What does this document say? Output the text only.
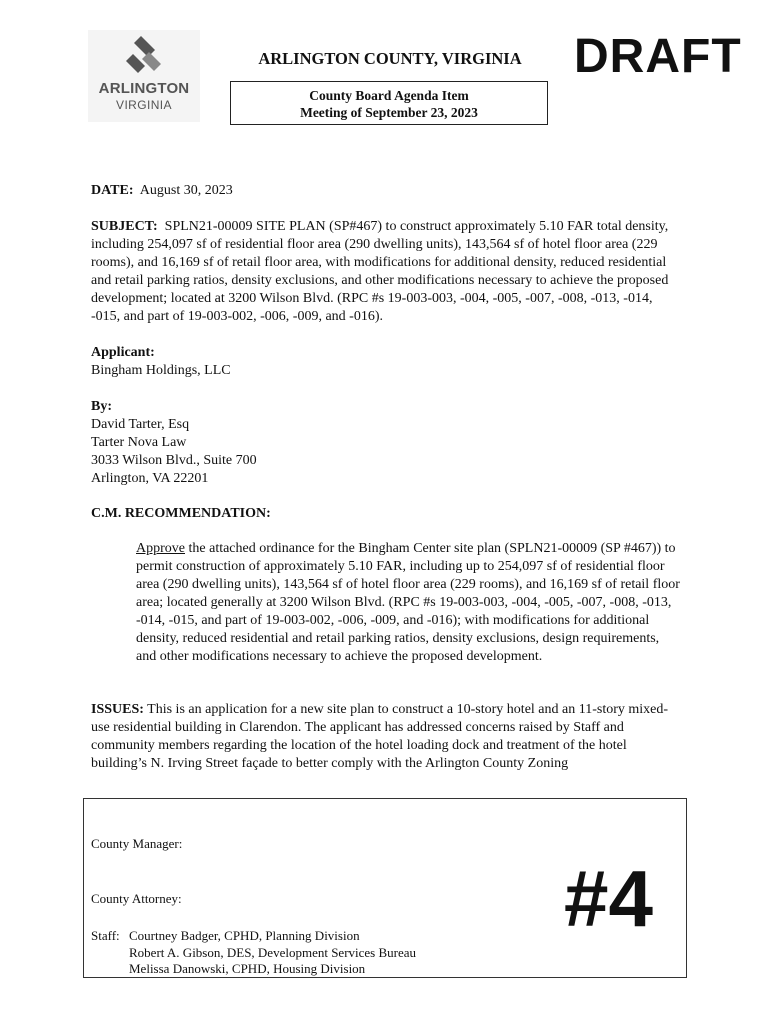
ARLINGTON
VIRGINIA
ARLINGTON COUNTY, VIRGINIA	DRAFT
County Board Agenda Item
Meeting of September 23, 2023
DATE: August 30, 2023
SUBJECT: SPLN21-00009 SITE PLAN (SP#467) to construct approximately 5.10 FAR total density, including 254,097 sf of residential floor area (290 dwelling units), 143,564 sf of hotel floor area (229 rooms), and 16,169 sf of retail floor area, with modifications for additional density, reduced residential and retail parking ratios, density exclusions, and other modifications necessary to achieve the proposed development; located at 3200 Wilson Blvd. (RPC #s 19-003-003, -004, -005, -007, -008, -013, -014, -015, and part of 19-003-002, -006, -009, and -016).
Applicant:
Bingham Holdings, LLC
By:
David Tarter, Esq
Tarter Nova Law
3033 Wilson Blvd., Suite 700
Arlington, VA 22201
C.M. RECOMMENDATION:
Approve the attached ordinance for the Bingham Center site plan (SPLN21-00009 (SP #467)) to permit construction of approximately 5.10 FAR, including up to 254,097 sf of residential floor area (290 dwelling units), 143,564 sf of hotel floor area (229 rooms), and 16,169 sf of retail floor area; located generally at 3200 Wilson Blvd. (RPC #s 19-003-003, -004, -005, -007, -008, -013, -014, -015, and part of 19-003-002, -006, -009, and -016); with modifications for additional density, reduced residential and retail parking ratios, density exclusions, design requirements, and other modifications necessary to achieve the proposed development.
ISSUES: This is an application for a new site plan to construct a 10-story hotel and an 11-story mixed-use residential building in Clarendon. The applicant has addressed concerns raised by Staff and community members regarding the location of the hotel loading dock and treatment of the hotel building’s N. Irving Street façade to better comply with the Arlington County Zoning
County Manager:
County Attorney:
Staff: Courtney Badger, CPHD, Planning Division
Robert A. Gibson, DES, Development Services Bureau
Melissa Danowski, CPHD, Housing Division
#4
